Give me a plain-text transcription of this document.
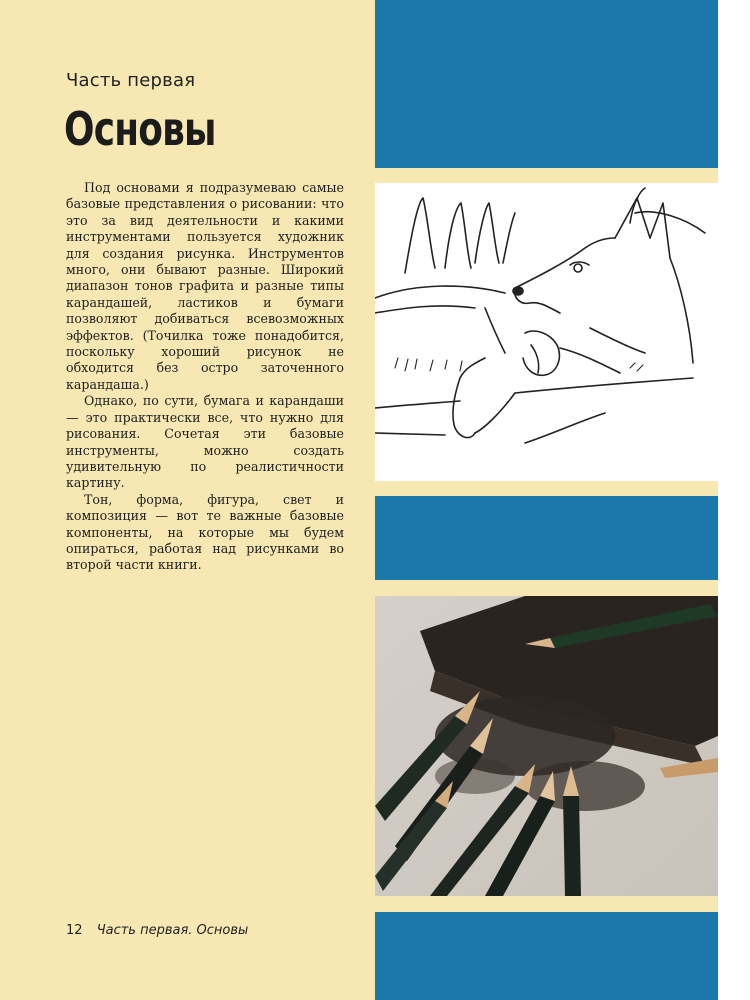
Часть первая
Основы

Под основами я подразумеваю самые базовые представления о рисовании: что это за вид деятельности и какими инструментами пользуется художник для создания рисунка. Инструментов много, они бывают разные. Широкий диапазон тонов графита и разные типы карандашей, ластиков и бумаги позволяют добиваться всевозможных эффектов. (Точилка тоже понадобится, поскольку хороший рисунок не обходится без остро заточенного карандаша.)

Однако, по сути, бумага и карандаши — это практически все, что нужно для рисования. Сочетая эти базовые инструменты, можно создать удивительную по реалистичности картину.

Тон, форма, фигура, свет и композиция — вот те важные базовые компоненты, на которые мы будем опираться, работая над рисунками во второй части книги.

12 Часть первая. Основы
